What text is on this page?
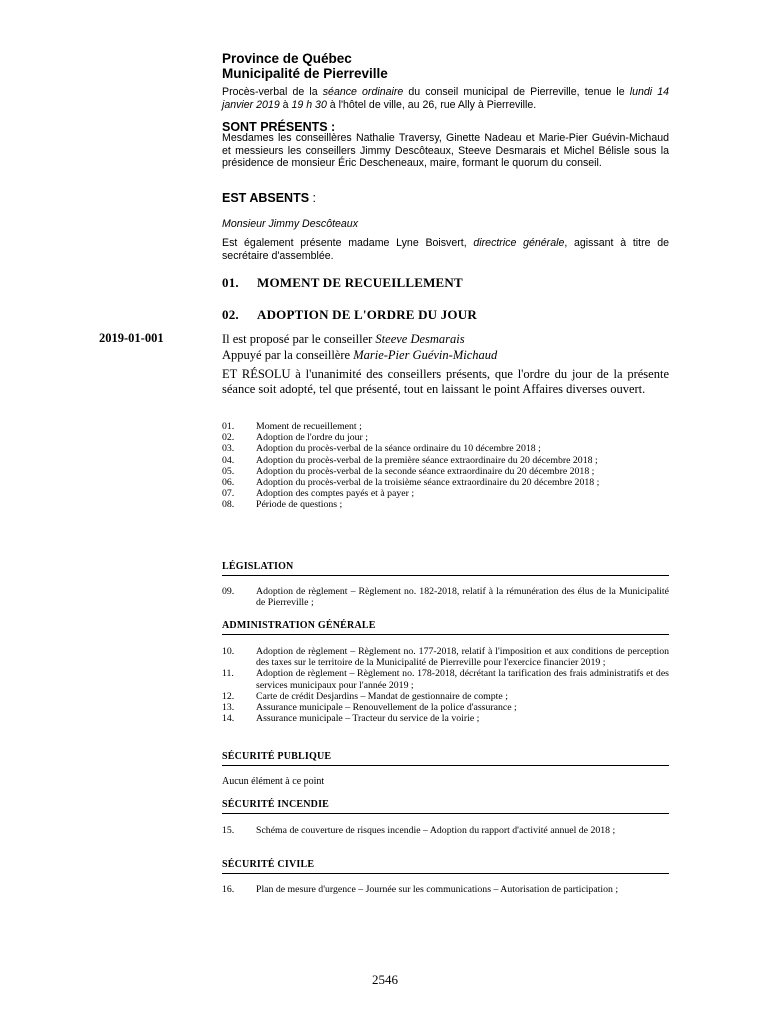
Province de Québec
Municipalité de Pierreville
Procès-verbal de la séance ordinaire du conseil municipal de Pierreville, tenue le lundi 14 janvier 2019 à 19 h 30 à l'hôtel de ville, au 26, rue Ally à Pierreville.
SONT PRÉSENTS :
Mesdames les conseillères Nathalie Traversy, Ginette Nadeau et Marie-Pier Guévin-Michaud et messieurs les conseillers Jimmy Descôteaux, Steeve Desmarais et Michel Bélisle sous la présidence de monsieur Éric Descheneaux, maire, formant le quorum du conseil.
EST ABSENTS :
Monsieur Jimmy Descôteaux
Est également présente madame Lyne Boisvert, directrice générale, agissant à titre de secrétaire d'assemblée.
01. MOMENT DE RECUEILLEMENT
02. ADOPTION DE L'ORDRE DU JOUR
2019-01-001	Il est proposé par le conseiller Steeve Desmarais
Appuyé par la conseillère Marie-Pier Guévin-Michaud
ET RÉSOLU à l'unanimité des conseillers présents, que l'ordre du jour de la présente séance soit adopté, tel que présenté, tout en laissant le point Affaires diverses ouvert.
01.	Moment de recueillement ;
02.	Adoption de l'ordre du jour ;
03.	Adoption du procès-verbal de la séance ordinaire du 10 décembre 2018 ;
04.	Adoption du procès-verbal de la première séance extraordinaire du 20 décembre 2018 ;
05.	Adoption du procès-verbal de la seconde séance extraordinaire du 20 décembre 2018 ;
06.	Adoption du procès-verbal de la troisième séance extraordinaire du 20 décembre 2018 ;
07.	Adoption des comptes payés et à payer ;
08.	Période de questions ;
LÉGISLATION
09.	Adoption de règlement – Règlement no. 182-2018, relatif à la rémunération des élus de la Municipalité de Pierreville ;
ADMINISTRATION GÉNÉRALE
10.	Adoption de règlement – Règlement no. 177-2018, relatif à l'imposition et aux conditions de perception des taxes sur le territoire de la Municipalité de Pierreville pour l'exercice financier 2019 ;
11.	Adoption de règlement – Règlement no. 178-2018, décrétant la tarification des frais administratifs et des services municipaux pour l'année 2019 ;
12.	Carte de crédit Desjardins – Mandat de gestionnaire de compte ;
13.	Assurance municipale – Renouvellement de la police d'assurance ;
14.	Assurance municipale – Tracteur du service de la voirie ;
SÉCURITÉ PUBLIQUE
Aucun élément à ce point
SÉCURITÉ INCENDIE
15.	Schéma de couverture de risques incendie – Adoption du rapport d'activité annuel de 2018 ;
SÉCURITÉ CIVILE
16.	Plan de mesure d'urgence – Journée sur les communications – Autorisation de participation ;
2546
